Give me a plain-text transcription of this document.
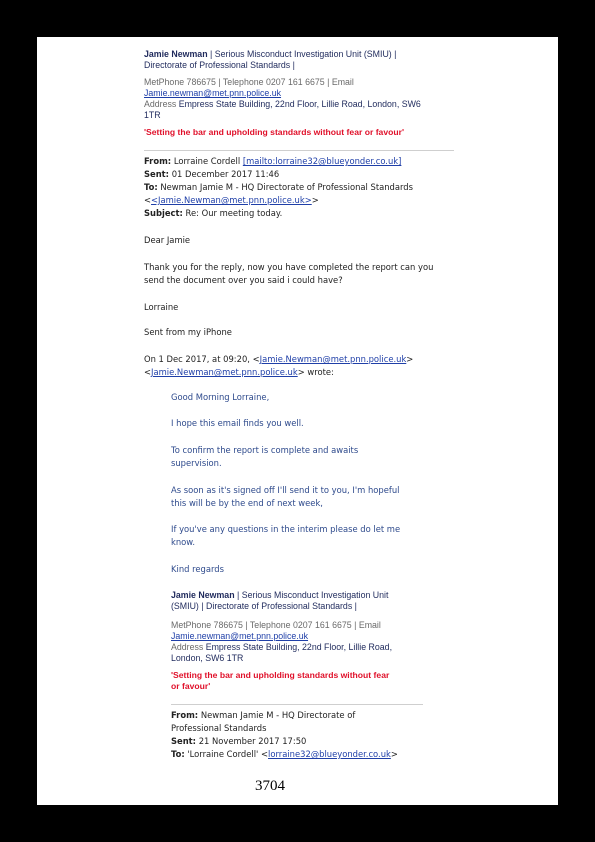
Jamie Newman | Serious Misconduct Investigation Unit (SMIU) |

Directorate of Professional Standards |

MetPhone 786675 | Telephone 0207 161 6675 | Email

Jamie.newman@met.pnn.police.uk

Address Empress State Building, 22nd Floor, Lillie Road, London, SW6

1TR

'Setting the bar and upholding standards without fear or favour'

From: Lorraine Cordell [mailto:lorraine32@blueyonder.co.uk]

Sent: 01 December 2017 11:46

To: Newman Jamie M - HQ Directorate of Professional Standards

<<Jamie.Newman@met.pnn.police.uk>>

Subject: Re: Our meeting today.

Dear Jamie

Thank you for the reply, now you have completed the report can you

send the document over you said i could have?

Lorraine

Sent from my iPhone

On 1 Dec 2017, at 09:20, <Jamie.Newman@met.pnn.police.uk>

<Jamie.Newman@met.pnn.police.uk> wrote:

Good Morning Lorraine,

I hope this email finds you well.

To confirm the report is complete and awaits

supervision.

As soon as it's signed off I'll send it to you, I'm hopeful

this will be by the end of next week,

If you've any questions in the interim please do let me

know.

Kind regards

Jamie Newman | Serious Misconduct Investigation Unit

(SMIU) | Directorate of Professional Standards |

MetPhone 786675 | Telephone 0207 161 6675 | Email

Jamie.newman@met.pnn.police.uk

Address Empress State Building, 22nd Floor, Lillie Road,

London, SW6 1TR

'Setting the bar and upholding standards without fear

or favour'

From: Newman Jamie M - HQ Directorate of

Professional Standards

Sent: 21 November 2017 17:50

To: 'Lorraine Cordell' <lorraine32@blueyonder.co.uk>

3704
